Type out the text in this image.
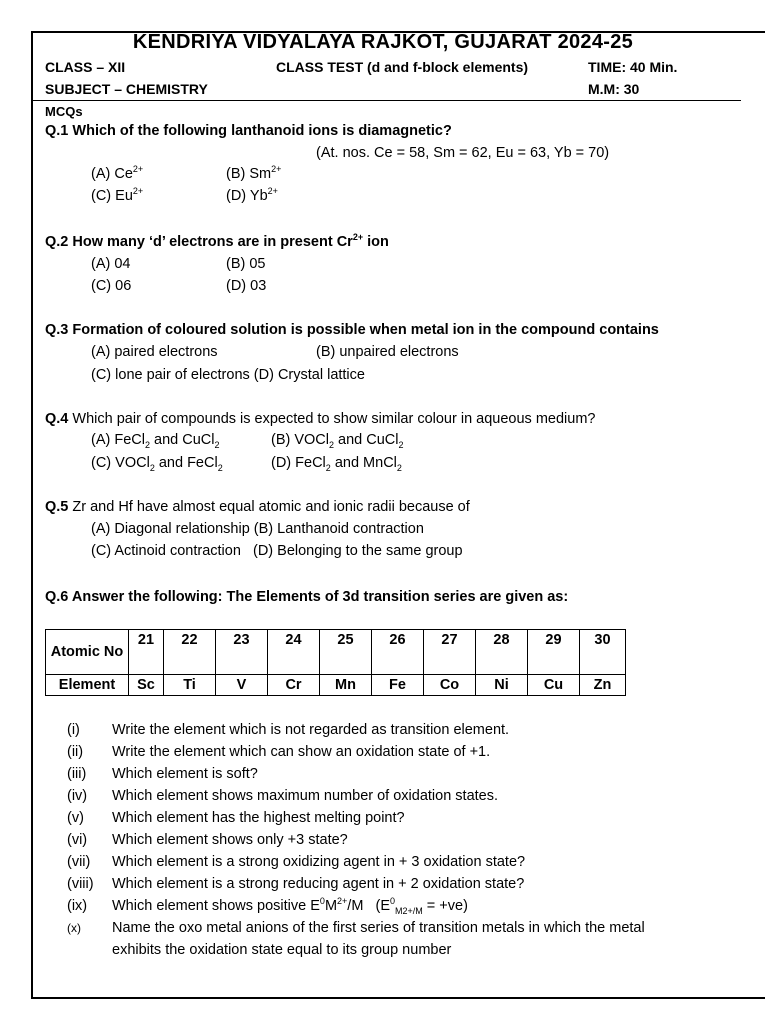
KENDRIYA VIDYALAYA RAJKOT, GUJARAT 2024-25
CLASS – XII	CLASS TEST (d and f-block elements)	TIME: 40 Min.
SUBJECT – CHEMISTRY	M.M: 30
MCQs
Q.1 Which of the following lanthanoid ions is diamagnetic?
(At. nos. Ce = 58, Sm = 62, Eu = 63, Yb = 70)
(A) $Ce^{2+}$	(B) $Sm^{2+}$
(C) $Eu^{2+}$	(D) $Yb^{2+}$
Q.2 How many ‘d’ electrons are in present $Cr^{2+}$ ion
(A) 04	(B) 05
(C) 06	(D) 03
Q.3 Formation of coloured solution is possible when metal ion in the compound contains
(A) paired electrons	(B) unpaired electrons
(C) lone pair of electrons (D) Crystal lattice
Q.4 Which pair of compounds is expected to show similar colour in aqueous medium?
(A) FeCl$_2$ and CuCl$_2$	(B) VOCl$_2$ and CuCl$_2$
(C) VOCl$_2$ and FeCl$_2$	(D) FeCl$_2$ and MnCl$_2$
Q.5 Zr and Hf have almost equal atomic and ionic radii because of
(A) Diagonal relationship (B) Lanthanoid contraction
(C) Actinoid contraction   (D) Belonging to the same group
Q.6 Answer the following: The Elements of 3d transition series are given as:
Atomic No	21	22	23	24	25	26	27	28	29	30
Element	Sc	Ti	V	Cr	Mn	Fe	Co	Ni	Cu	Zn
(i) Write the element which is not regarded as transition element.
(ii) Write the element which can show an oxidation state of +1.
(iii) Which element is soft?
(iv) Which element shows maximum number of oxidation states.
(v) Which element has the highest melting point?
(vi) Which element shows only +3 state?
(vii) Which element is a strong oxidizing agent in + 3 oxidation state?
(viii) Which element is a strong reducing agent in + 2 oxidation state?
(ix) Which element shows positive $E^0M^{2+}/M$   $(E^0_{M2+/M} = +ve)$
(x) Name the oxo metal anions of the first series of transition metals in which the metal
exhibits the oxidation state equal to its group number
